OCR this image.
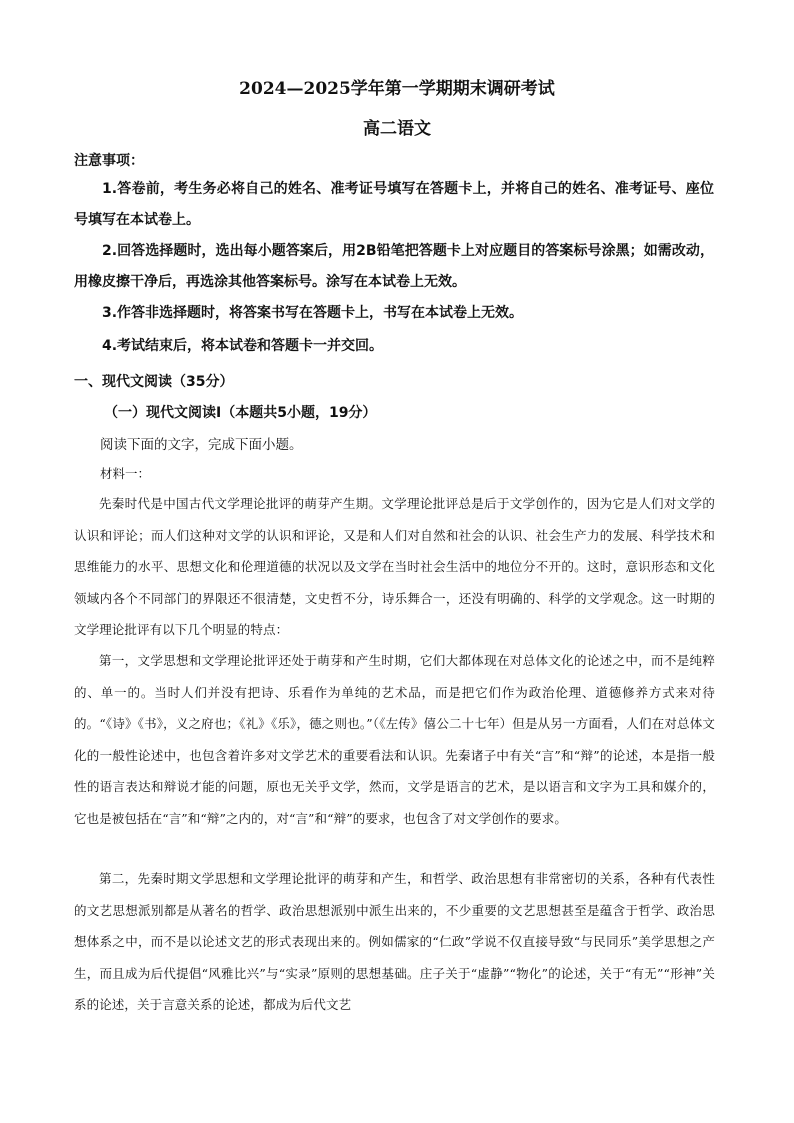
2024—2025学年第一学期期末调研考试
高二语文
注意事项：
1.答卷前，考生务必将自己的姓名、准考证号填写在答题卡上，并将自己的姓名、准考证号、座位号填写在本试卷上。
2.回答选择题时，选出每小题答案后，用2B铅笔把答题卡上对应题目的答案标号涂黑；如需改动，用橡皮擦干净后，再选涂其他答案标号。涂写在本试卷上无效。
3.作答非选择题时，将答案书写在答题卡上，书写在本试卷上无效。
4.考试结束后，将本试卷和答题卡一并交回。
一、现代文阅读（35分）
（一）现代文阅读Ⅰ（本题共5小题，19分）
阅读下面的文字，完成下面小题。
材料一：
先秦时代是中国古代文学理论批评的萌芽产生期。文学理论批评总是后于文学创作的，因为它是人们对文学的认识和评论；而人们这种对文学的认识和评论，又是和人们对自然和社会的认识、社会生产力的发展、科学技术和思维能力的水平、思想文化和伦理道德的状况以及文学在当时社会生活中的地位分不开的。这时，意识形态和文化领域内各个不同部门的界限还不很清楚，文史哲不分，诗乐舞合一，还没有明确的、科学的文学观念。这一时期的文学理论批评有以下几个明显的特点：
第一，文学思想和文学理论批评还处于萌芽和产生时期，它们大都体现在对总体文化的论述之中，而不是纯粹的、单一的。当时人们并没有把诗、乐看作为单纯的艺术品，而是把它们作为政治伦理、道德修养方式来对待的。“《诗》《书》，义之府也；《礼》《乐》，德之则也。”（《左传》僖公二十七年）但是从另一方面看，人们在对总体文化的一般性论述中，也包含着许多对文学艺术的重要看法和认识。先秦诸子中有关“言”和“辩”的论述，本是指一般性的语言表达和辩说才能的问题，原也无关乎文学，然而，文学是语言的艺术，是以语言和文字为工具和媒介的，它也是被包括在“言”和“辩”之内的，对“言”和“辩”的要求，也包含了对文学创作的要求。
第二，先秦时期文学思想和文学理论批评的萌芽和产生，和哲学、政治思想有非常密切的关系，各种有代表性的文艺思想派别都是从著名的哲学、政治思想派别中派生出来的，不少重要的文艺思想甚至是蕴含于哲学、政治思想体系之中，而不是以论述文艺的形式表现出来的。例如儒家的“仁政”学说不仅直接导致“与民同乐”美学思想之产生，而且成为后代提倡“风雅比兴”与“实录”原则的思想基础。庄子关于“虚静”“物化”的论述，关于“有无”“形神”关系的论述，关于言意关系的论述，都成为后代文艺
